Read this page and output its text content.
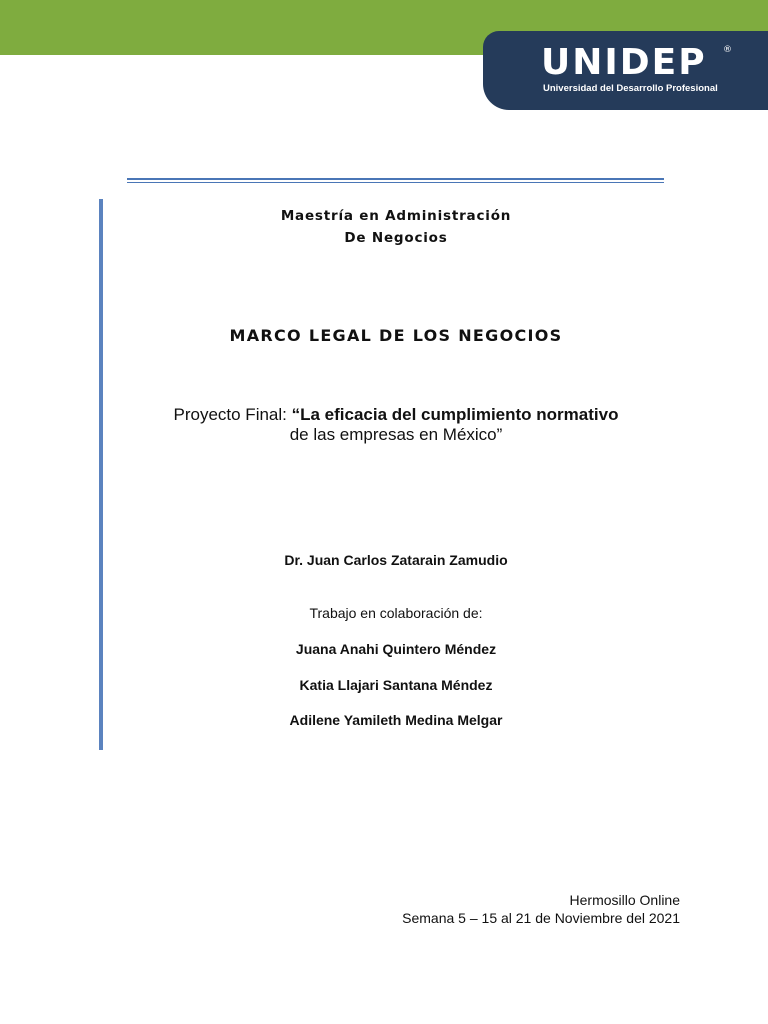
UNIDEP ®
Universidad del Desarrollo Profesional
Maestría en Administración
De Negocios
MARCO LEGAL DE LOS NEGOCIOS
Proyecto Final: “La eficacia del cumplimiento normativo
de las empresas en México”
Dr. Juan Carlos Zatarain Zamudio
Trabajo en colaboración de:
Juana Anahi Quintero Méndez
Katia Llajari Santana Méndez
Adilene Yamileth Medina Melgar
Hermosillo Online
Semana 5 – 15 al 21 de Noviembre del 2021
